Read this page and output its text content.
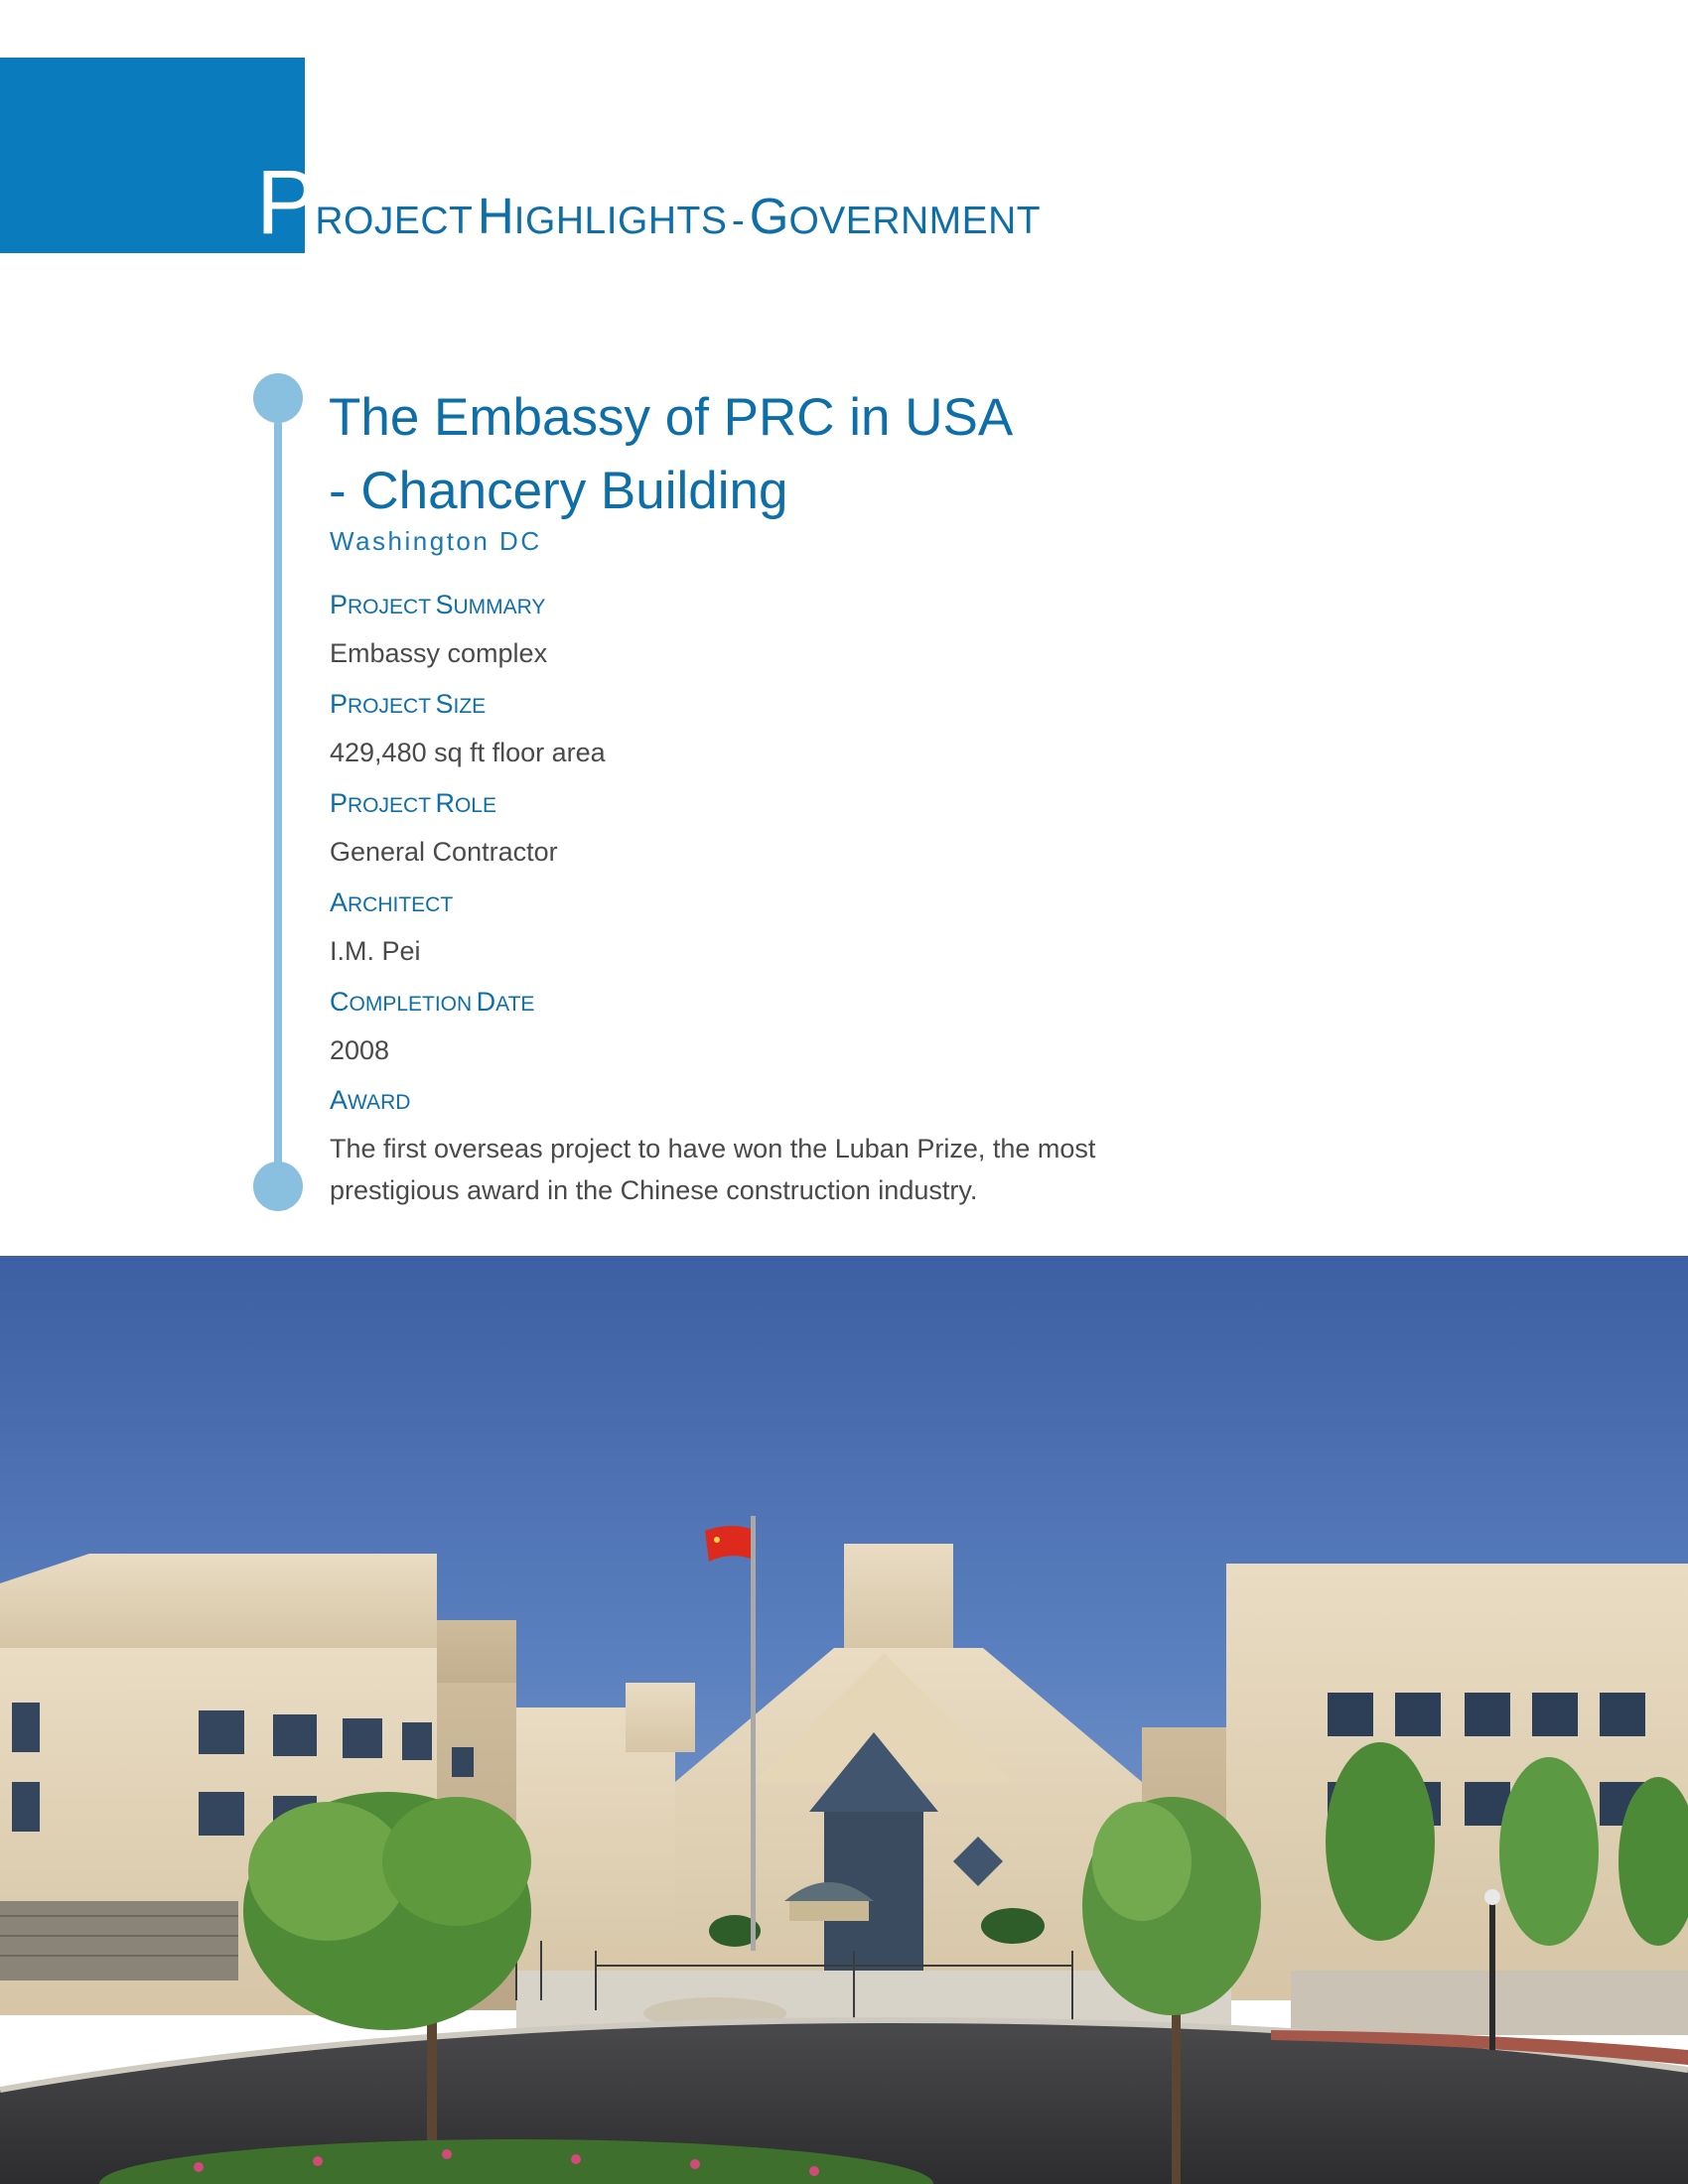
PROJECT HIGHLIGHTS - GOVERNMENT
The Embassy of PRC in USA
- Chancery Building
Washington DC
PROJECT SUMMARY
Embassy complex
PROJECT SIZE
429,480 sq ft floor area
PROJECT ROLE
General Contractor
ARCHITECT
I.M. Pei
COMPLETION DATE
2008
AWARD
The first overseas project to have won the Luban Prize, the most prestigious award in the Chinese construction industry.
